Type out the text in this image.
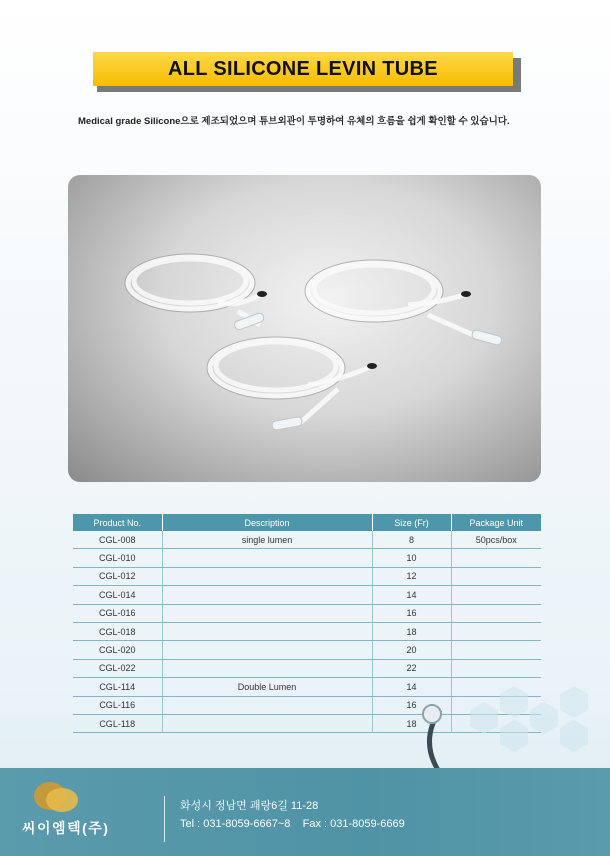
ALL SILICONE LEVIN TUBE
Medical grade Silicone으로 제조되었으며 튜브외관이 투명하여 유체의 흐름을 쉽게 확인할 수 있습니다.
Product No.	Description	Size (Fr)	Package Unit
CGL-008	single lumen	8	50pcs/box
CGL-010		10	
CGL-012		12	
CGL-014		14	
CGL-016		16	
CGL-018		18	
CGL-020		20	
CGL-022		22	
CGL-114	Double Lumen	14	
CGL-116		16	
CGL-118		18	
씨이엠텍(주)
화성시 정남면 괘랑6길 11-28
Tel : 031-8059-6667~8    Fax : 031-8059-6669
